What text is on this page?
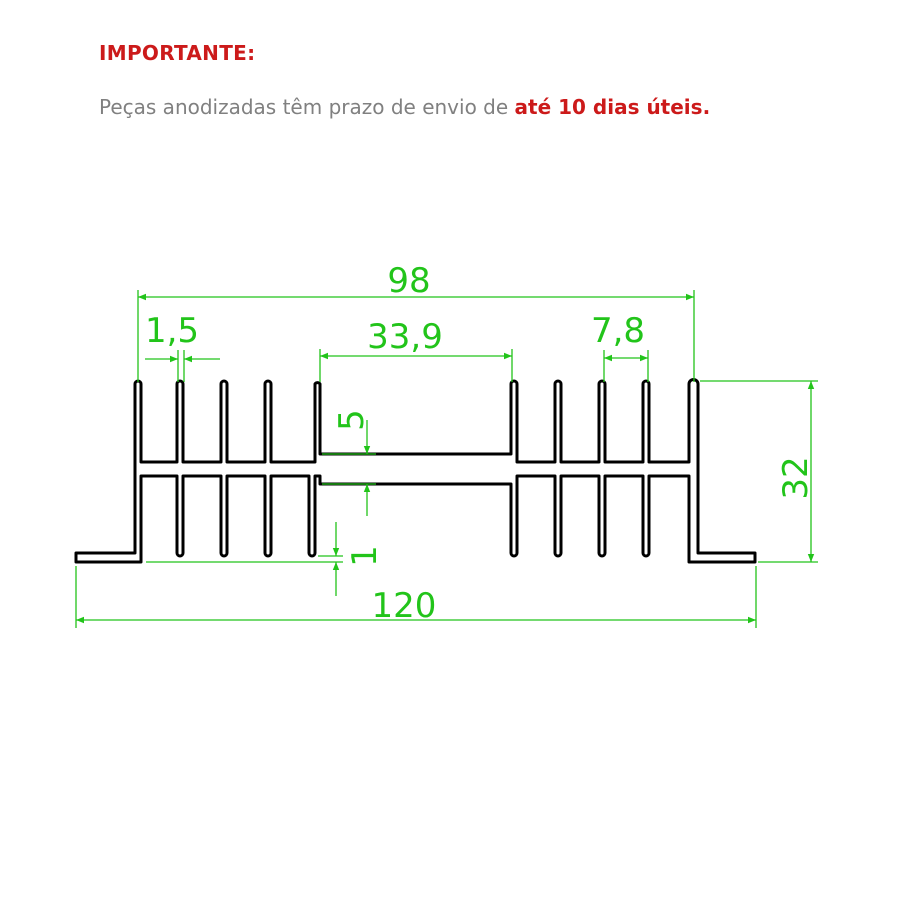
IMPORTANTE:

Peças anodizadas têm prazo de envio de até 10 dias úteis.

98
33,9
1,5	7,8
120
32
5
1
